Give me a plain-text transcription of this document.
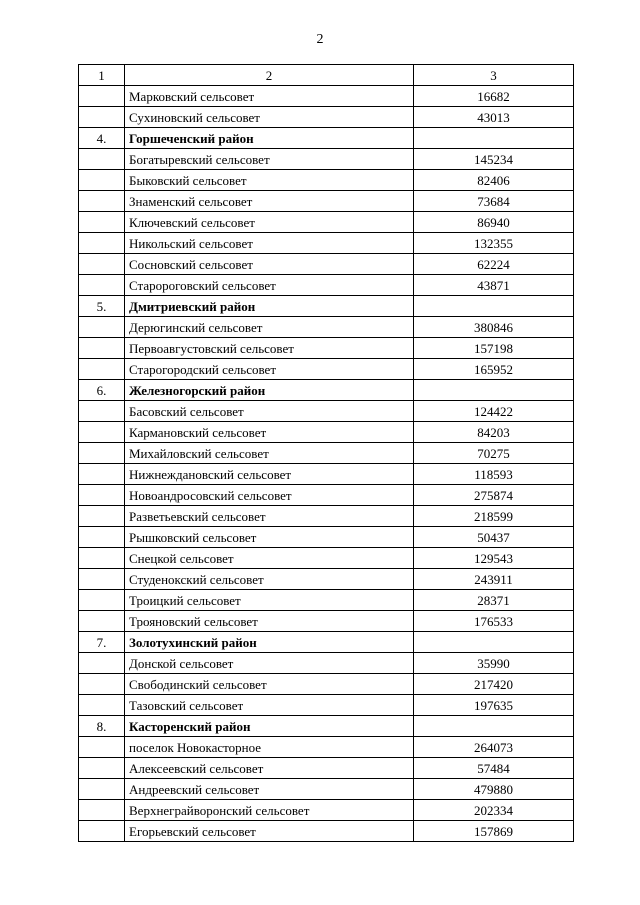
2
1	2	3
	Марковский сельсовет	16682
	Сухиновский сельсовет	43013
4.	Горшеченский район	
	Богатыревский сельсовет	145234
	Быковский сельсовет	82406
	Знаменский сельсовет	73684
	Ключевский сельсовет	86940
	Никольский сельсовет	132355
	Сосновский сельсовет	62224
	Старороговский сельсовет	43871
5.	Дмитриевский район	
	Дерюгинский сельсовет	380846
	Первоавгустовский сельсовет	157198
	Старогородский сельсовет	165952
6.	Железногорский район	
	Басовский сельсовет	124422
	Кармановский сельсовет	84203
	Михайловский сельсовет	70275
	Нижнеждановский сельсовет	118593
	Новоандросовский сельсовет	275874
	Разветьевский сельсовет	218599
	Рышковский сельсовет	50437
	Снецкой сельсовет	129543
	Студенокский сельсовет	243911
	Троицкий сельсовет	28371
	Трояновский сельсовет	176533
7.	Золотухинский район	
	Донской сельсовет	35990
	Свободинский сельсовет	217420
	Тазовский сельсовет	197635
8.	Касторенский район	
	поселок Новокасторное	264073
	Алексеевский сельсовет	57484
	Андреевский сельсовет	479880
	Верхнеграйворонский сельсовет	202334
	Егорьевский сельсовет	157869
